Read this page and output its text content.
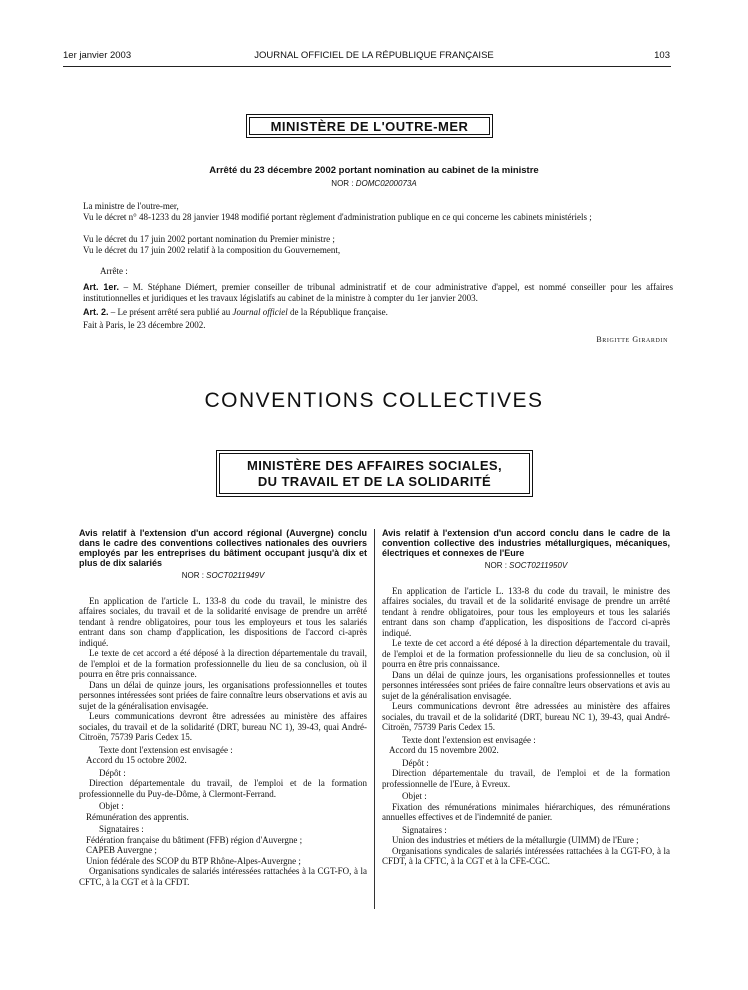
1er janvier 2003	JOURNAL OFFICIEL DE LA RÉPUBLIQUE FRANÇAISE	103
MINISTÈRE DE L'OUTRE-MER
Arrêté du 23 décembre 2002 portant nomination au cabinet de la ministre
NOR : DOMC0200073A
La ministre de l'outre-mer,
Vu le décret n° 48-1233 du 28 janvier 1948 modifié portant règlement d'administration publique en ce qui concerne les cabinets ministériels ;
Vu le décret du 17 juin 2002 portant nomination du Premier ministre ;
Vu le décret du 17 juin 2002 relatif à la composition du Gouvernement,
Arrête :
Art. 1er. – M. Stéphane Diémert, premier conseiller de tribunal administratif et de cour administrative d'appel, est nommé conseiller pour les affaires institutionnelles et juridiques et les travaux législatifs au cabinet de la ministre à compter du 1er janvier 2003.
Art. 2. – Le présent arrêté sera publié au Journal officiel de la République française.
Fait à Paris, le 23 décembre 2002.
Brigitte Girardin
CONVENTIONS COLLECTIVES
MINISTÈRE DES AFFAIRES SOCIALES,
DU TRAVAIL ET DE LA SOLIDARITÉ
Avis relatif à l'extension d'un accord régional (Auvergne) conclu dans le cadre des conventions collectives nationales des ouvriers employés par les entreprises du bâtiment occupant jusqu'à dix et plus de dix salariés
NOR : SOCT0211949V

En application de l'article L. 133-8 du code du travail, le ministre des affaires sociales, du travail et de la solidarité envisage de prendre un arrêté tendant à rendre obligatoires, pour tous les employeurs et tous les salariés entrant dans son champ d'application, les dispositions de l'accord ci-après indiqué.

Le texte de cet accord a été déposé à la direction départementale du travail, de l'emploi et de la formation professionnelle du lieu de sa conclusion, où il pourra en être pris connaissance.

Dans un délai de quinze jours, les organisations professionnelles et toutes personnes intéressées sont priées de faire connaître leurs observations et avis au sujet de la généralisation envisagée.

Leurs communications devront être adressées au ministère des affaires sociales, du travail et de la solidarité (DRT, bureau NC 1), 39-43, quai André-Citroën, 75739 Paris Cedex 15.

Texte dont l'extension est envisagée :

Accord du 15 octobre 2002.

Dépôt :

Direction départementale du travail, de l'emploi et de la formation professionnelle du Puy-de-Dôme, à Clermont-Ferrand.

Objet :

Rémunération des apprentis.

Signataires :

Fédération française du bâtiment (FFB) région d'Auvergne ;

CAPEB Auvergne ;

Union fédérale des SCOP du BTP Rhône-Alpes-Auvergne ;

Organisations syndicales de salariés intéressées rattachées à la CGT-FO, à la CFTC, à la CGT et à la CFDT.

Avis relatif à l'extension d'un accord conclu dans le cadre de la convention collective des industries métallurgiques, mécaniques, électriques et connexes de l'Eure
NOR : SOCT0211950V

En application de l'article L. 133-8 du code du travail, le ministre des affaires sociales, du travail et de la solidarité envisage de prendre un arrêté tendant à rendre obligatoires, pour tous les employeurs et tous les salariés entrant dans son champ d'application, les dispositions de l'accord ci-après indiqué.

Le texte de cet accord a été déposé à la direction départementale du travail, de l'emploi et de la formation professionnelle du lieu de sa conclusion, où il pourra en être pris connaissance.

Dans un délai de quinze jours, les organisations professionnelles et toutes personnes intéressées sont priées de faire connaître leurs observations et avis au sujet de la généralisation envisagée.

Leurs communications devront être adressées au ministère des affaires sociales, du travail et de la solidarité (DRT, bureau NC 1), 39-43, quai André-Citroën, 75739 Paris Cedex 15.

Texte dont l'extension est envisagée :

Accord du 15 novembre 2002.

Dépôt :

Direction départementale du travail, de l'emploi et de la formation professionnelle de l'Eure, à Evreux.

Objet :

Fixation des rémunérations minimales hiérarchiques, des rémunérations annuelles effectives et de l'indemnité de panier.

Signataires :

Union des industries et métiers de la métallurgie (UIMM) de l'Eure ;

Organisations syndicales de salariés intéressées rattachées à la CGT-FO, à la CFDT, à la CFTC, à la CGT et à la CFE-CGC.
